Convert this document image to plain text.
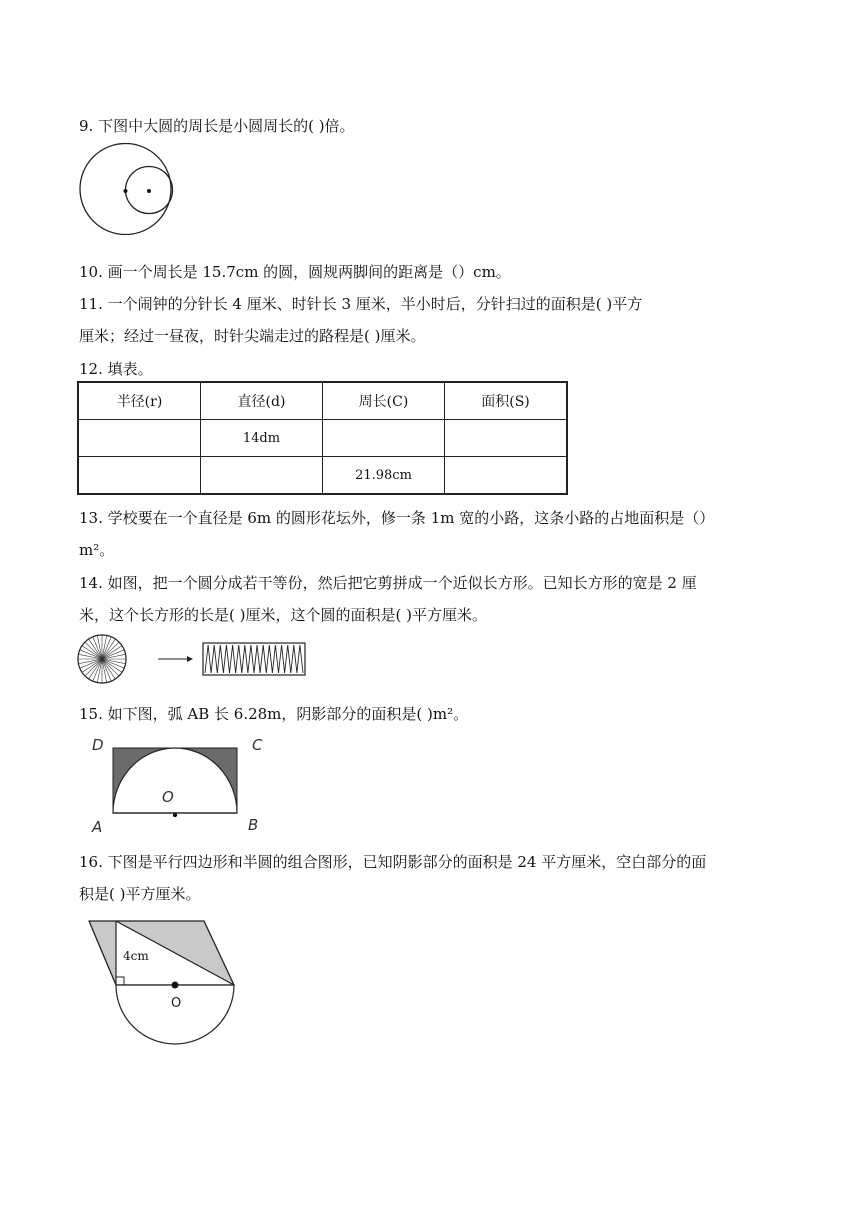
9. 下图中大圆的周长是小圆周长的( )倍。
10. 画一个周长是 15.7cm 的圆，圆规两脚间的距离是（）cm。
11. 一个闹钟的分针长 4 厘米、时针长 3 厘米，半小时后，分针扫过的面积是( )平方
厘米；经过一昼夜，时针尖端走过的路程是( )厘米。
12. 填表。
半径(r)	直径(d)	周长(C)	面积(S)
	14dm		
		21.98cm	
13. 学校要在一个直径是 6m 的圆形花坛外，修一条 1m 宽的小路，这条小路的占地面积是（）
m²。
14. 如图，把一个圆分成若干等份，然后把它剪拼成一个近似长方形。已知长方形的宽是 2 厘
米，这个长方形的长是( )厘米，这个圆的面积是( )平方厘米。
15. 如下图，弧 AB 长 6.28m，阴影部分的面积是( )m²。
D	C
A	B
O
16. 下图是平行四边形和半圆的组合图形，已知阴影部分的面积是 24 平方厘米，空白部分的面
积是( )平方厘米。
4cm
O
